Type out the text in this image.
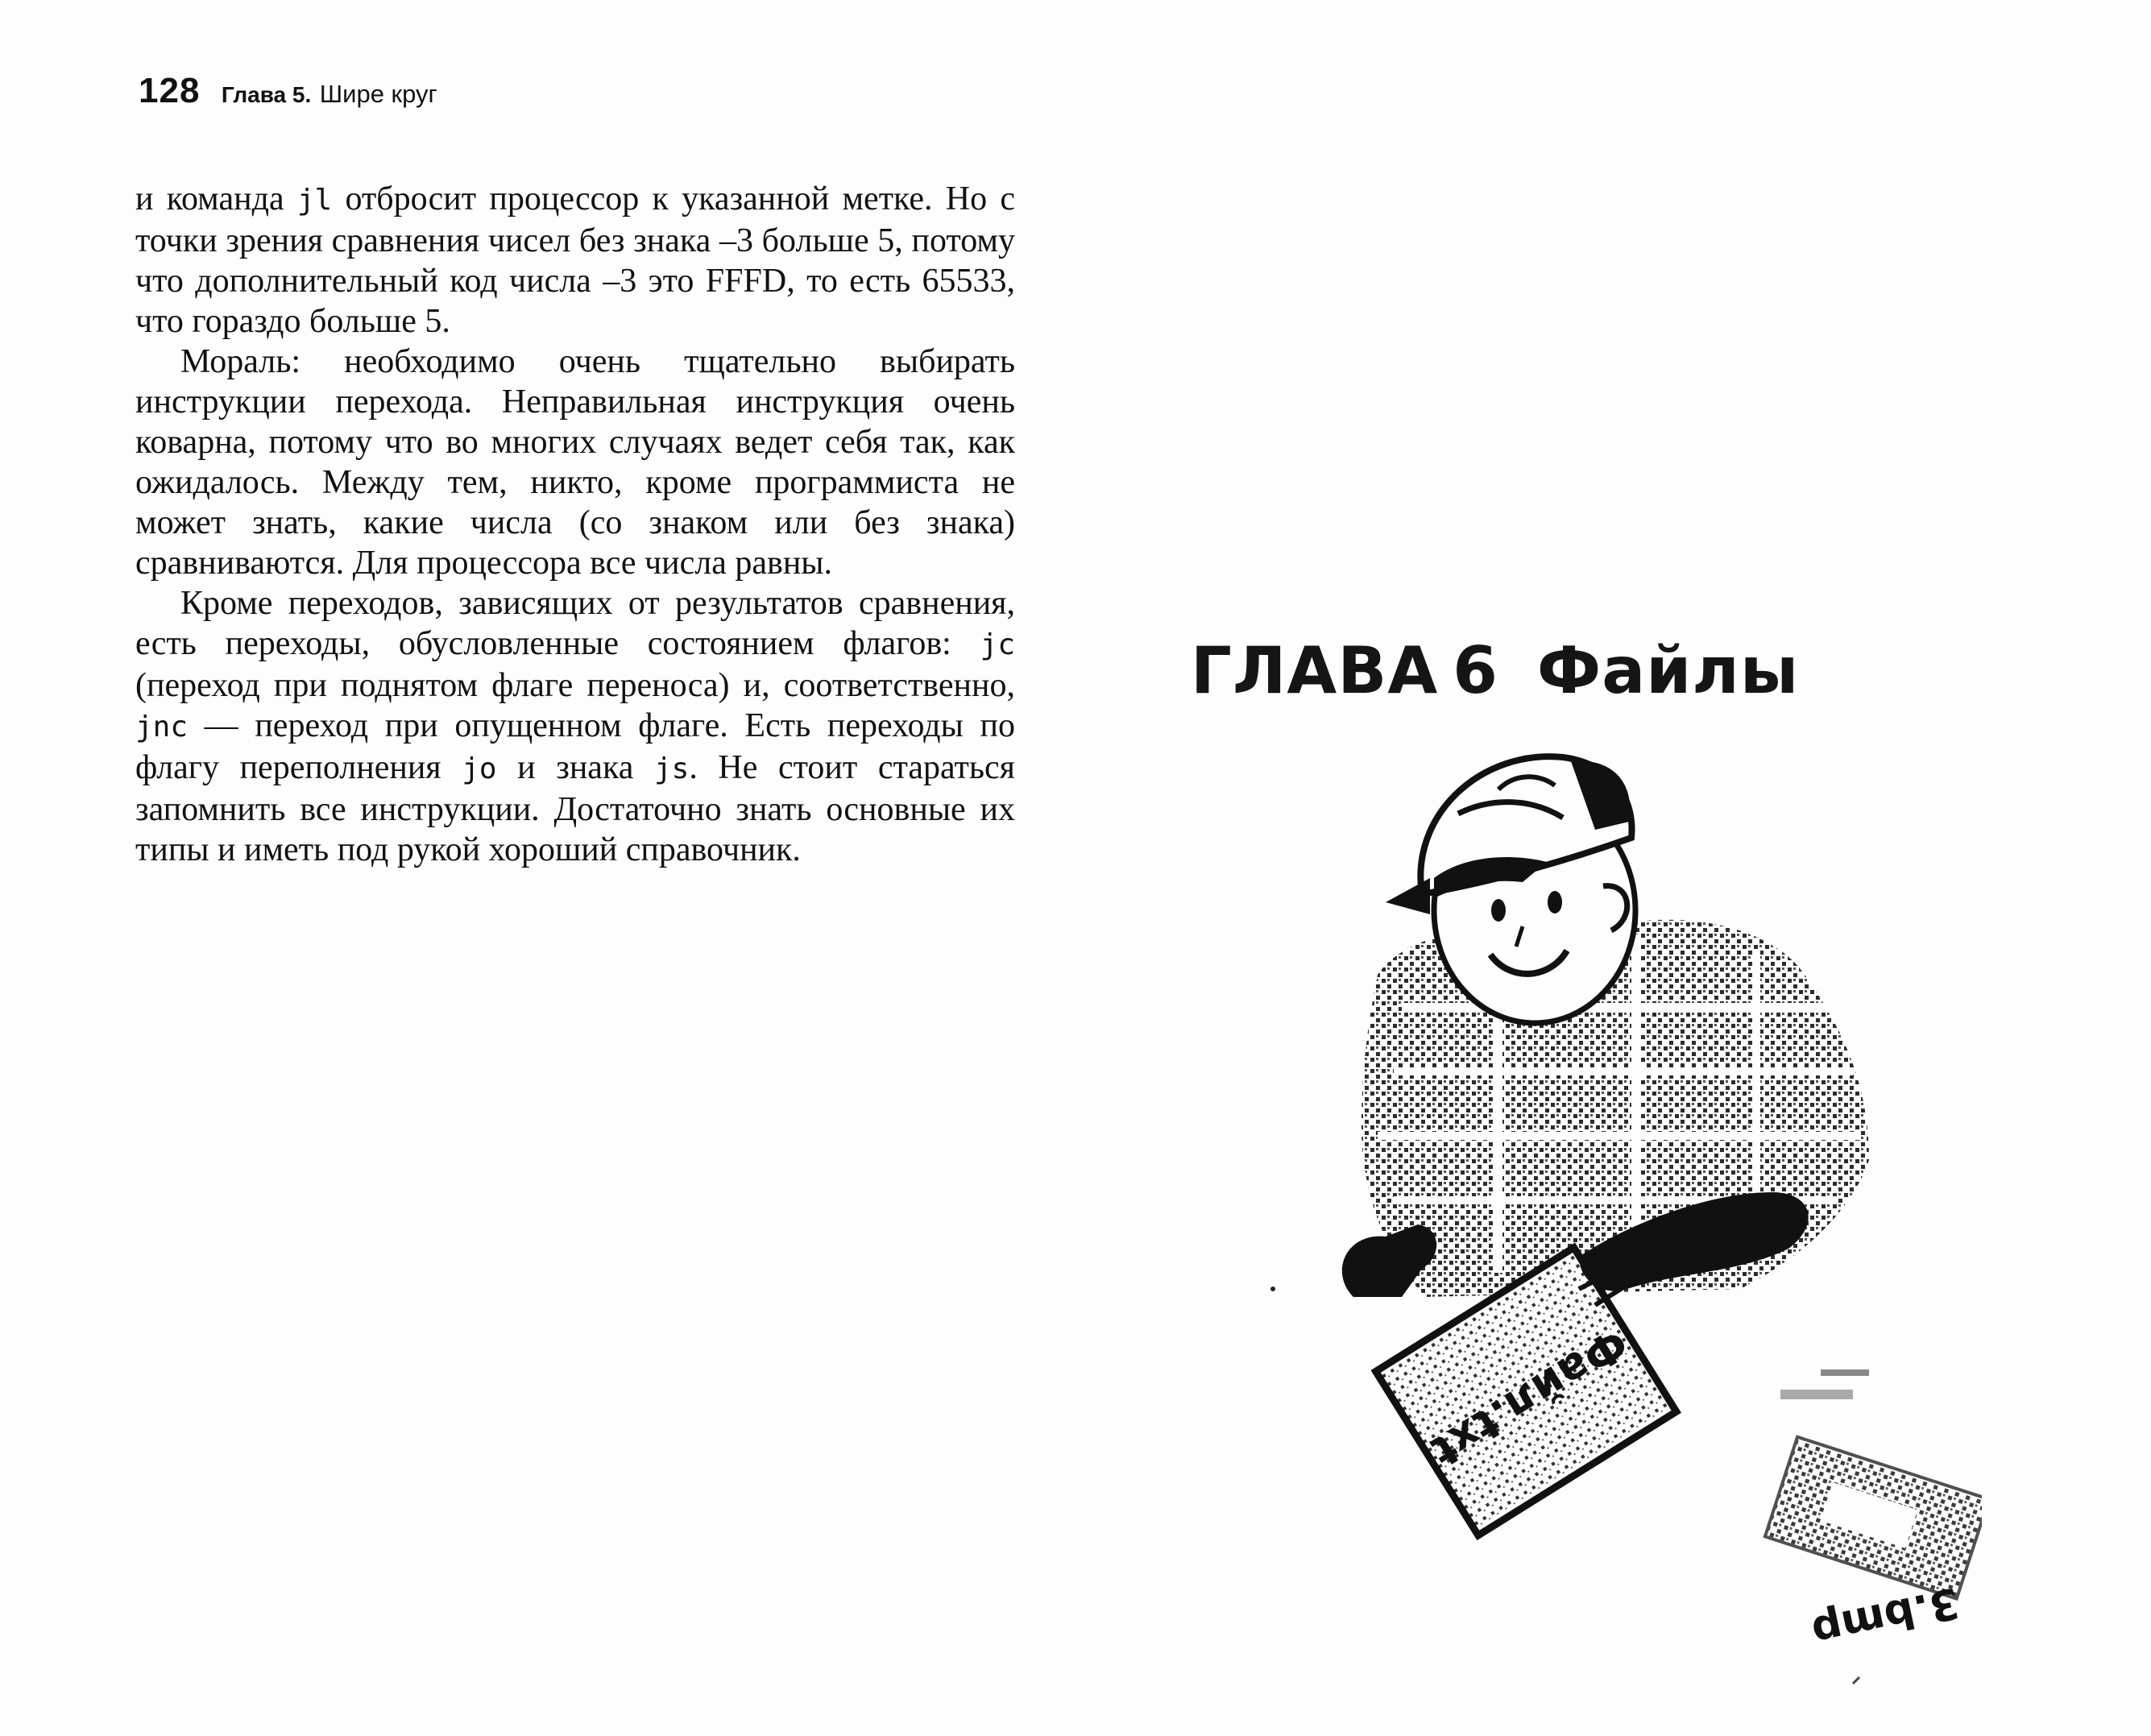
128 Глава 5. Шире круг

и команда jl отбросит процессор к указанной метке. Но с точки зрения сравнения чисел без знака –3 больше 5, потому что дополнительный код числа –3 это FFFD, то есть 65533, что гораздо больше 5.

Мораль: необходимо очень тщательно выбирать инструкции перехода. Неправильная инструкция очень коварна, потому что во многих случаях ведет себя так, как ожидалось. Между тем, никто, кроме программиста не может знать, какие числа (со знаком или без знака) сравниваются. Для процессора все числа равны.

Кроме переходов, зависящих от результатов сравнения, есть переходы, обусловленные состоянием флагов: jc (переход при поднятом флаге переноса) и, соответственно, jnc — переход при опущенном флаге. Есть переходы по флагу переполнения jo и знака js. Не стоит стараться запомнить все инструкции. Достаточно знать основные их типы и иметь под рукой хороший справочник.

ГЛАВА 6 Файлы
Файл.txt
3.bmp
